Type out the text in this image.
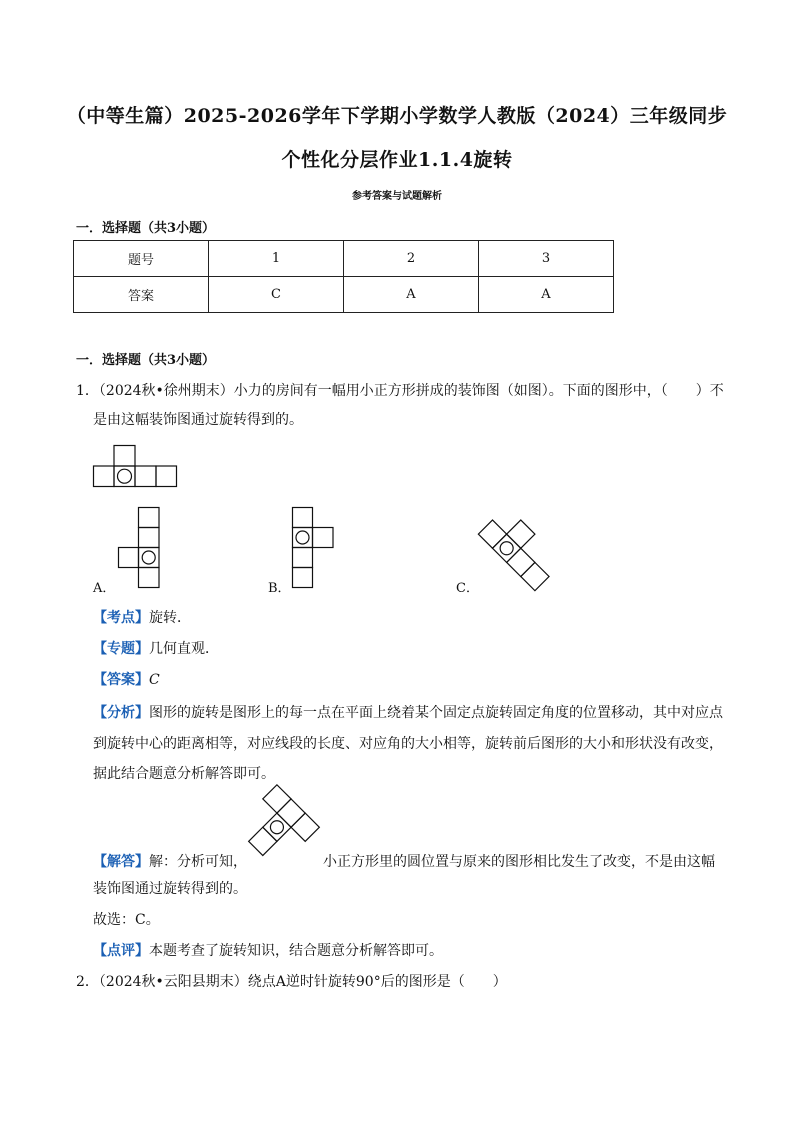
（中等生篇）2025-2026学年下学期小学数学人教版（2024）三年级同步
个性化分层作业1.1.4旋转
参考答案与试题解析
一．选择题（共3小题）
题号	1	2	3
答案	C	A	A
一．选择题（共3小题）
1．（2024秋•徐州期末）小力的房间有一幅用小正方形拼成的装饰图（如图）。下面的图形中，（　　）不
是由这幅装饰图通过旋转得到的。
A．	B．	C．
【考点】旋转．
【专题】几何直观．
【答案】C
【分析】图形的旋转是图形上的每一点在平面上绕着某个固定点旋转固定角度的位置移动，其中对应点
到旋转中心的距离相等，对应线段的长度、对应角的大小相等，旋转前后图形的大小和形状没有改变，
据此结合题意分析解答即可。
【解答】解：分析可知，	小正方形里的圆位置与原来的图形相比发生了改变，不是由这幅
装饰图通过旋转得到的。
故选：C。
【点评】本题考查了旋转知识，结合题意分析解答即可。
2．（2024秋•云阳县期末）绕点A逆时针旋转90°后的图形是（　　）
